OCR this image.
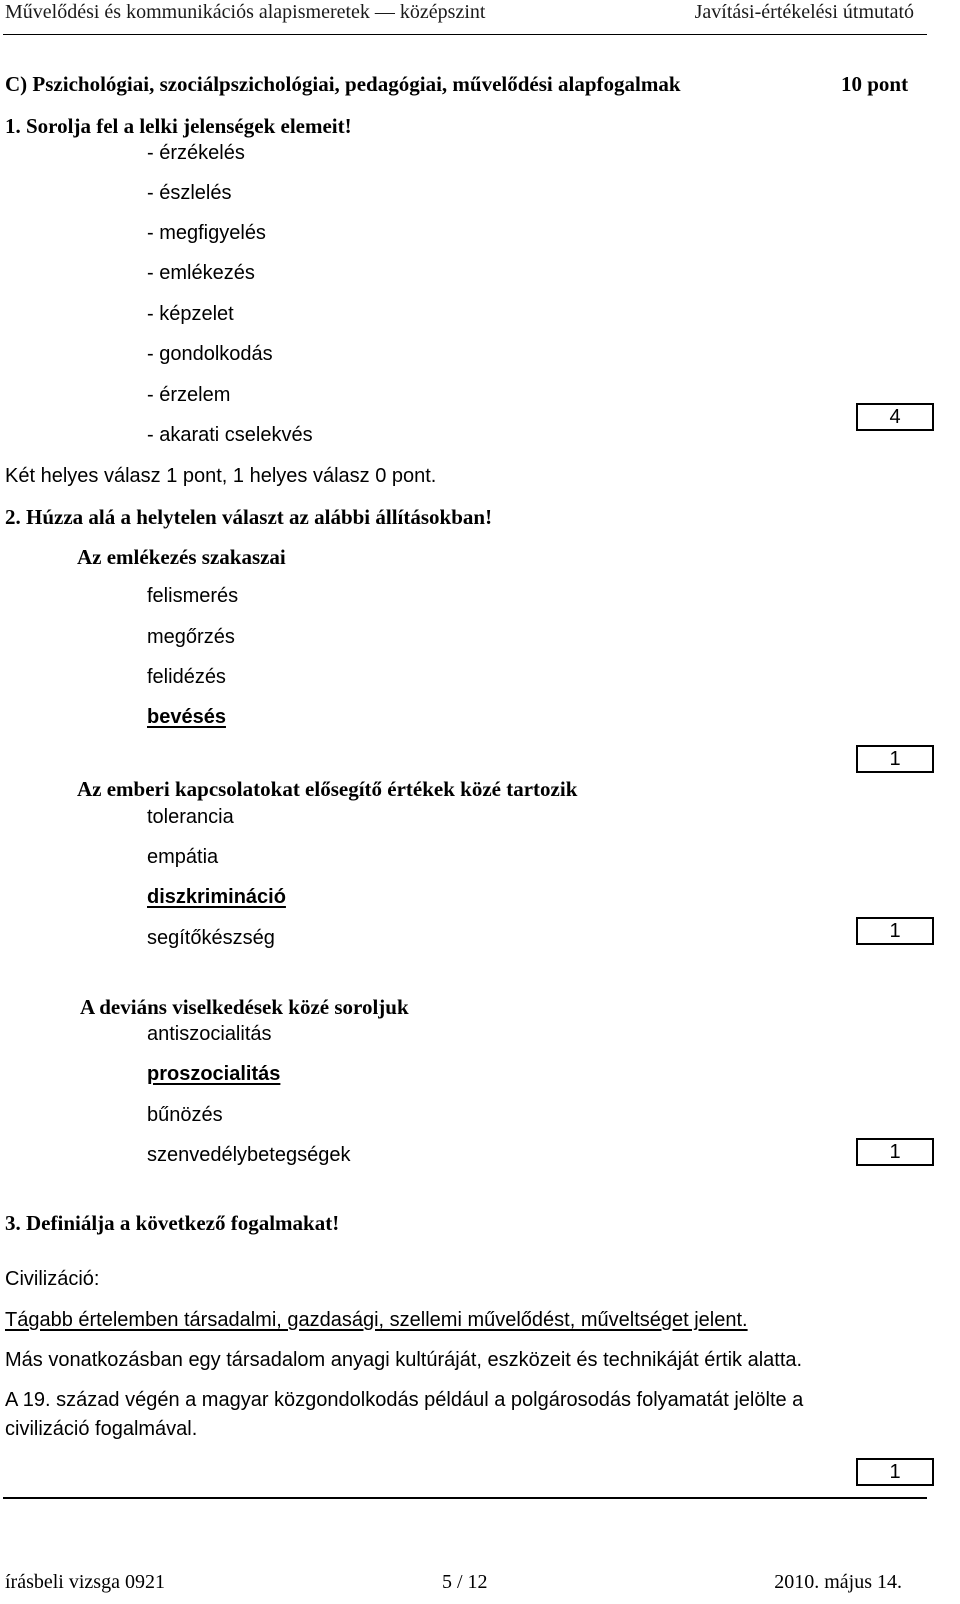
Művelődési és kommunikációs alapismeretek — középszint	Javítási-értékelési útmutató
C) Pszichológiai, szociálpszichológiai, pedagógiai, művelődési alapfogalmak	10 pont
1. Sorolja fel a lelki jelenségek elemeit!
- érzékelés
- észlelés
- megfigyelés
- emlékezés
- képzelet
- gondolkodás
- érzelem
- akarati cselekvés
4
Két helyes válasz 1 pont, 1 helyes válasz 0 pont.
2. Húzza alá a helytelen választ az alábbi állításokban!
Az emlékezés szakaszai
felismerés
megőrzés
felidézés
bevésés
1
Az emberi kapcsolatokat elősegítő értékek közé tartozik
tolerancia
empátia
diszkrimináció
segítőkészség	1
A deviáns viselkedések közé soroljuk
antiszocialitás
proszocialitás
bűnözés
szenvedélybetegségek	1
3. Definiálja a következő fogalmakat!
Civilizáció:
Tágabb értelemben társadalmi, gazdasági, szellemi művelődést, műveltséget jelent.
Más vonatkozásban egy társadalom anyagi kultúráját, eszközeit és technikáját értik alatta.
A 19. század végén a magyar közgondolkodás például a polgárosodás folyamatát jelölte a
civilizáció fogalmával.
1
írásbeli vizsga 0921	5 / 12	2010. május 14.
